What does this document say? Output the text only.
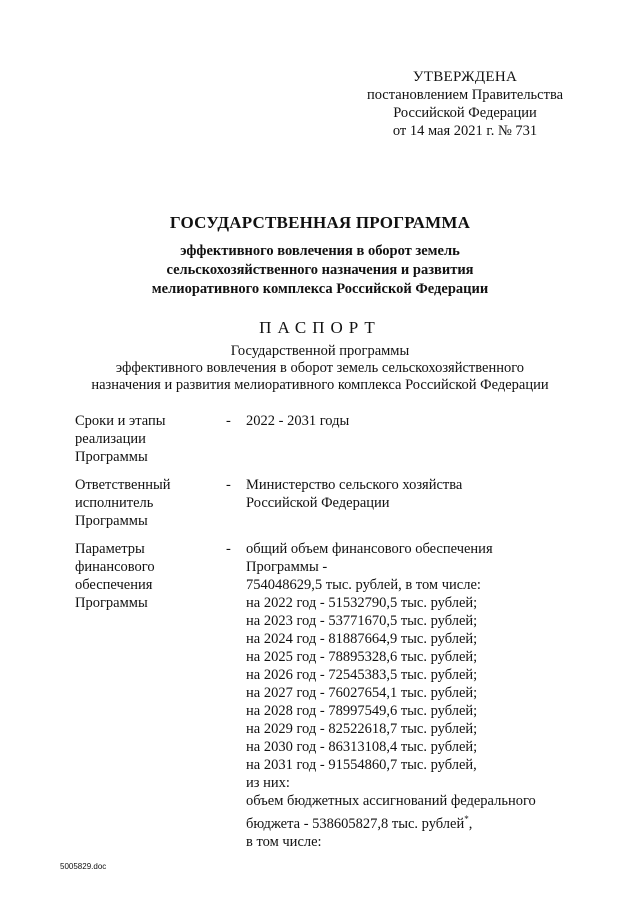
УТВЕРЖДЕНА
постановлением Правительства
Российской Федерации
от 14 мая 2021 г. № 731
ГОСУДАРСТВЕННАЯ ПРОГРАММА
эффективного вовлечения в оборот земель
сельскохозяйственного назначения и развития
мелиоративного комплекса Российской Федерации
ПАСПОРТ
Государственной программы
эффективного вовлечения в оборот земель сельскохозяйственного
назначения и развития мелиоративного комплекса Российской Федерации
Сроки и этапы
реализации
Программы
- 2022 - 2031 годы
Ответственный
исполнитель
Программы
- Министерство сельского хозяйства
Российской Федерации
Параметры
финансового
обеспечения
Программы
- общий объем финансового обеспечения
Программы -
754048629,5 тыс. рублей, в том числе:
на 2022 год - 51532790,5 тыс. рублей;
на 2023 год - 53771670,5 тыс. рублей;
на 2024 год - 81887664,9 тыс. рублей;
на 2025 год - 78895328,6 тыс. рублей;
на 2026 год - 72545383,5 тыс. рублей;
на 2027 год - 76027654,1 тыс. рублей;
на 2028 год - 78997549,6 тыс. рублей;
на 2029 год - 82522618,7 тыс. рублей;
на 2030 год - 86313108,4 тыс. рублей;
на 2031 год - 91554860,7 тыс. рублей,
из них:
объем бюджетных ассигнований федерального
бюджета - 538605827,8 тыс. рублей*,
в том числе:
5005829.doc
